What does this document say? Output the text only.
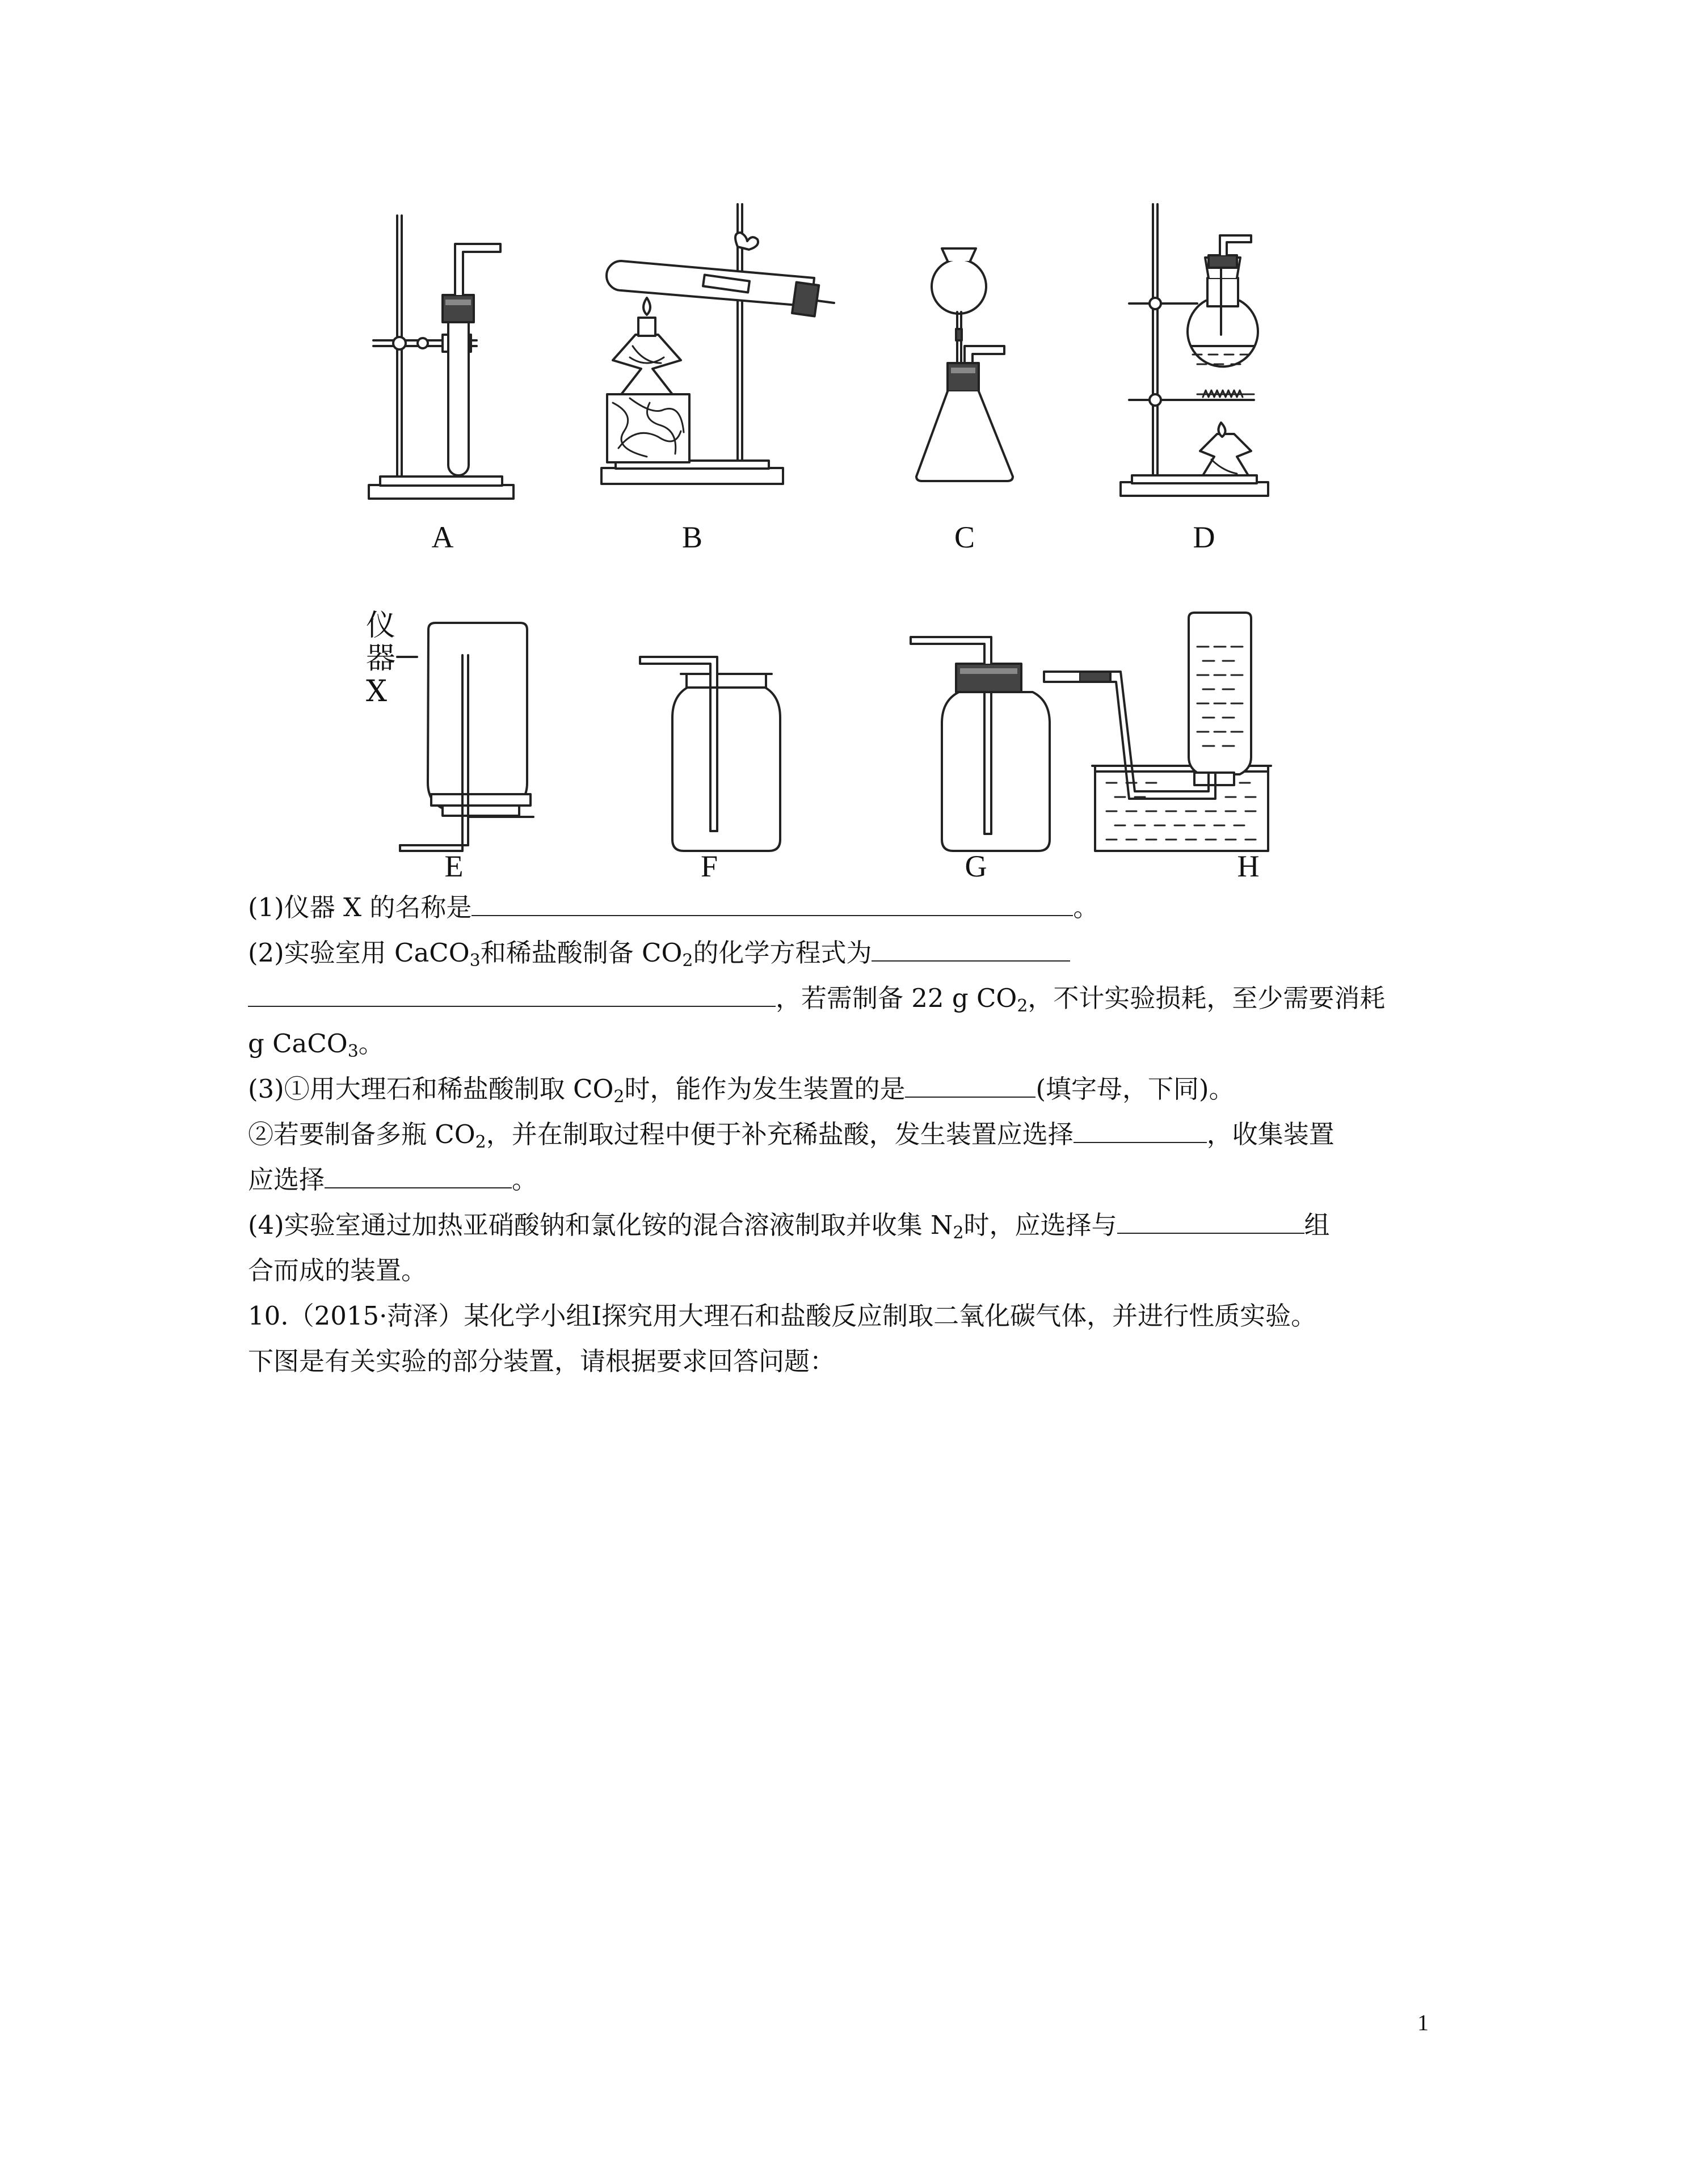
仪
器
X
A	B	C	D
E	F	G	H
(1)仪器 X 的名称是	。
(2)实验室用 CaCO$_3$和稀盐酸制备 $CO_2$的化学方程式为
，若需制备 22 g $CO_2$，不计实验损耗，至少需要消耗
g CaCO$_3$。
(3)①用大理石和稀盐酸制取 $CO_2$时，能作为发生装置的是	(填字母，下同)。
②若要制备多瓶 $CO_2$，并在制取过程中便于补充稀盐酸，发生装置应选择	，收集装置
应选择	。
(4)实验室通过加热亚硝酸钠和氯化铵的混合溶液制取并收集 $N_2$时，应选择与	组
合而成的装置。
10.（2015·菏泽）某化学小组Ⅰ探究用大理石和盐酸反应制取二氧化碳气体，并进行性质实验。
下图是有关实验的部分装置，请根据要求回答问题：
1
